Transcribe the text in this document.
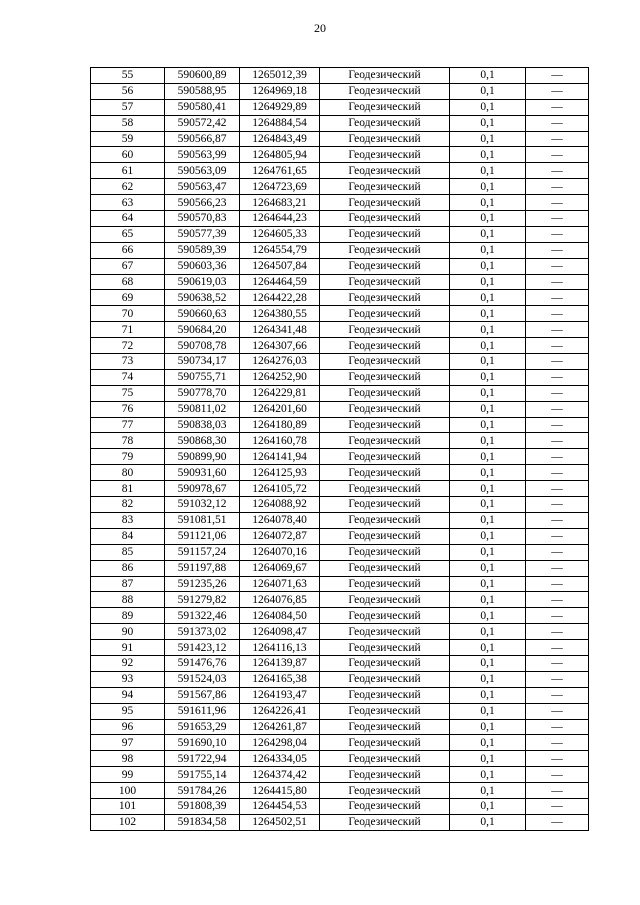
20
55	590600,89	1265012,39	Геодезический	0,1	—
56	590588,95	1264969,18	Геодезический	0,1	—
57	590580,41	1264929,89	Геодезический	0,1	—
58	590572,42	1264884,54	Геодезический	0,1	—
59	590566,87	1264843,49	Геодезический	0,1	—
60	590563,99	1264805,94	Геодезический	0,1	—
61	590563,09	1264761,65	Геодезический	0,1	—
62	590563,47	1264723,69	Геодезический	0,1	—
63	590566,23	1264683,21	Геодезический	0,1	—
64	590570,83	1264644,23	Геодезический	0,1	—
65	590577,39	1264605,33	Геодезический	0,1	—
66	590589,39	1264554,79	Геодезический	0,1	—
67	590603,36	1264507,84	Геодезический	0,1	—
68	590619,03	1264464,59	Геодезический	0,1	—
69	590638,52	1264422,28	Геодезический	0,1	—
70	590660,63	1264380,55	Геодезический	0,1	—
71	590684,20	1264341,48	Геодезический	0,1	—
72	590708,78	1264307,66	Геодезический	0,1	—
73	590734,17	1264276,03	Геодезический	0,1	—
74	590755,71	1264252,90	Геодезический	0,1	—
75	590778,70	1264229,81	Геодезический	0,1	—
76	590811,02	1264201,60	Геодезический	0,1	—
77	590838,03	1264180,89	Геодезический	0,1	—
78	590868,30	1264160,78	Геодезический	0,1	—
79	590899,90	1264141,94	Геодезический	0,1	—
80	590931,60	1264125,93	Геодезический	0,1	—
81	590978,67	1264105,72	Геодезический	0,1	—
82	591032,12	1264088,92	Геодезический	0,1	—
83	591081,51	1264078,40	Геодезический	0,1	—
84	591121,06	1264072,87	Геодезический	0,1	—
85	591157,24	1264070,16	Геодезический	0,1	—
86	591197,88	1264069,67	Геодезический	0,1	—
87	591235,26	1264071,63	Геодезический	0,1	—
88	591279,82	1264076,85	Геодезический	0,1	—
89	591322,46	1264084,50	Геодезический	0,1	—
90	591373,02	1264098,47	Геодезический	0,1	—
91	591423,12	1264116,13	Геодезический	0,1	—
92	591476,76	1264139,87	Геодезический	0,1	—
93	591524,03	1264165,38	Геодезический	0,1	—
94	591567,86	1264193,47	Геодезический	0,1	—
95	591611,96	1264226,41	Геодезический	0,1	—
96	591653,29	1264261,87	Геодезический	0,1	—
97	591690,10	1264298,04	Геодезический	0,1	—
98	591722,94	1264334,05	Геодезический	0,1	—
99	591755,14	1264374,42	Геодезический	0,1	—
100	591784,26	1264415,80	Геодезический	0,1	—
101	591808,39	1264454,53	Геодезический	0,1	—
102	591834,58	1264502,51	Геодезический	0,1	—
